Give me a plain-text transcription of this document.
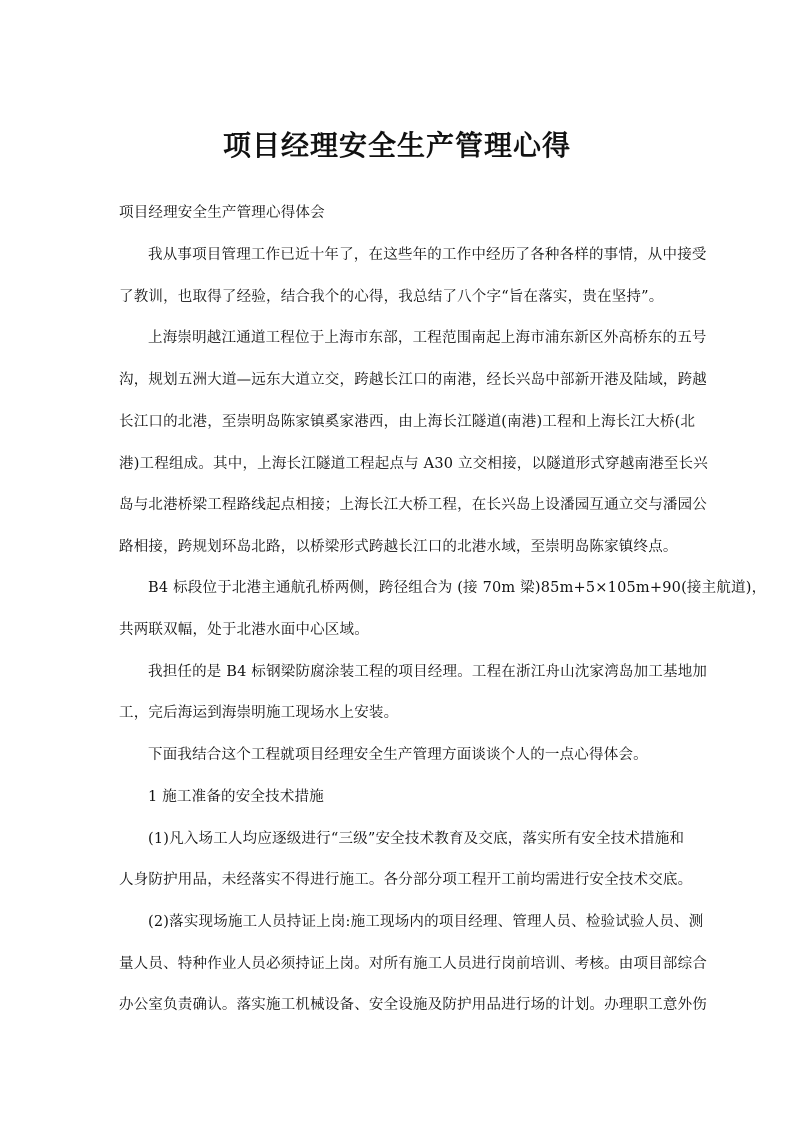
项目经理安全生产管理心得
项目经理安全生产管理心得体会
我从事项目管理工作已近十年了，在这些年的工作中经历了各种各样的事情，从中接受
了教训，也取得了经验，结合我个的心得，我总结了八个字“旨在落实，贵在坚持”。
上海崇明越江通道工程位于上海市东部，工程范围南起上海市浦东新区外高桥东的五号
沟，规划五洲大道—远东大道立交，跨越长江口的南港，经长兴岛中部新开港及陆域，跨越
长江口的北港，至崇明岛陈家镇奚家港西，由上海长江隧道(南港)工程和上海长江大桥(北
港)工程组成。其中，上海长江隧道工程起点与 A30 立交相接，以隧道形式穿越南港至长兴
岛与北港桥梁工程路线起点相接；上海长江大桥工程，在长兴岛上设潘园互通立交与潘园公
路相接，跨规划环岛北路，以桥梁形式跨越长江口的北港水域，至崇明岛陈家镇终点。
B4 标段位于北港主通航孔桥两侧，跨径组合为 (接 70m 梁)85m+5×105m+90(接主航道)，
共两联双幅，处于北港水面中心区域。
我担任的是 B4 标钢梁防腐涂装工程的项目经理。工程在浙江舟山沈家湾岛加工基地加
工，完后海运到海崇明施工现场水上安装。
下面我结合这个工程就项目经理安全生产管理方面谈谈个人的一点心得体会。
1 施工准备的安全技术措施
(1)凡入场工人均应逐级进行“三级”安全技术教育及交底，落实所有安全技术措施和
人身防护用品，未经落实不得进行施工。各分部分项工程开工前均需进行安全技术交底。
(2)落实现场施工人员持证上岗:施工现场内的项目经理、管理人员、检验试验人员、测
量人员、特种作业人员必须持证上岗。对所有施工人员进行岗前培训、考核。由项目部综合
办公室负责确认。落实施工机械设备、安全设施及防护用品进行场的计划。办理职工意外伤
